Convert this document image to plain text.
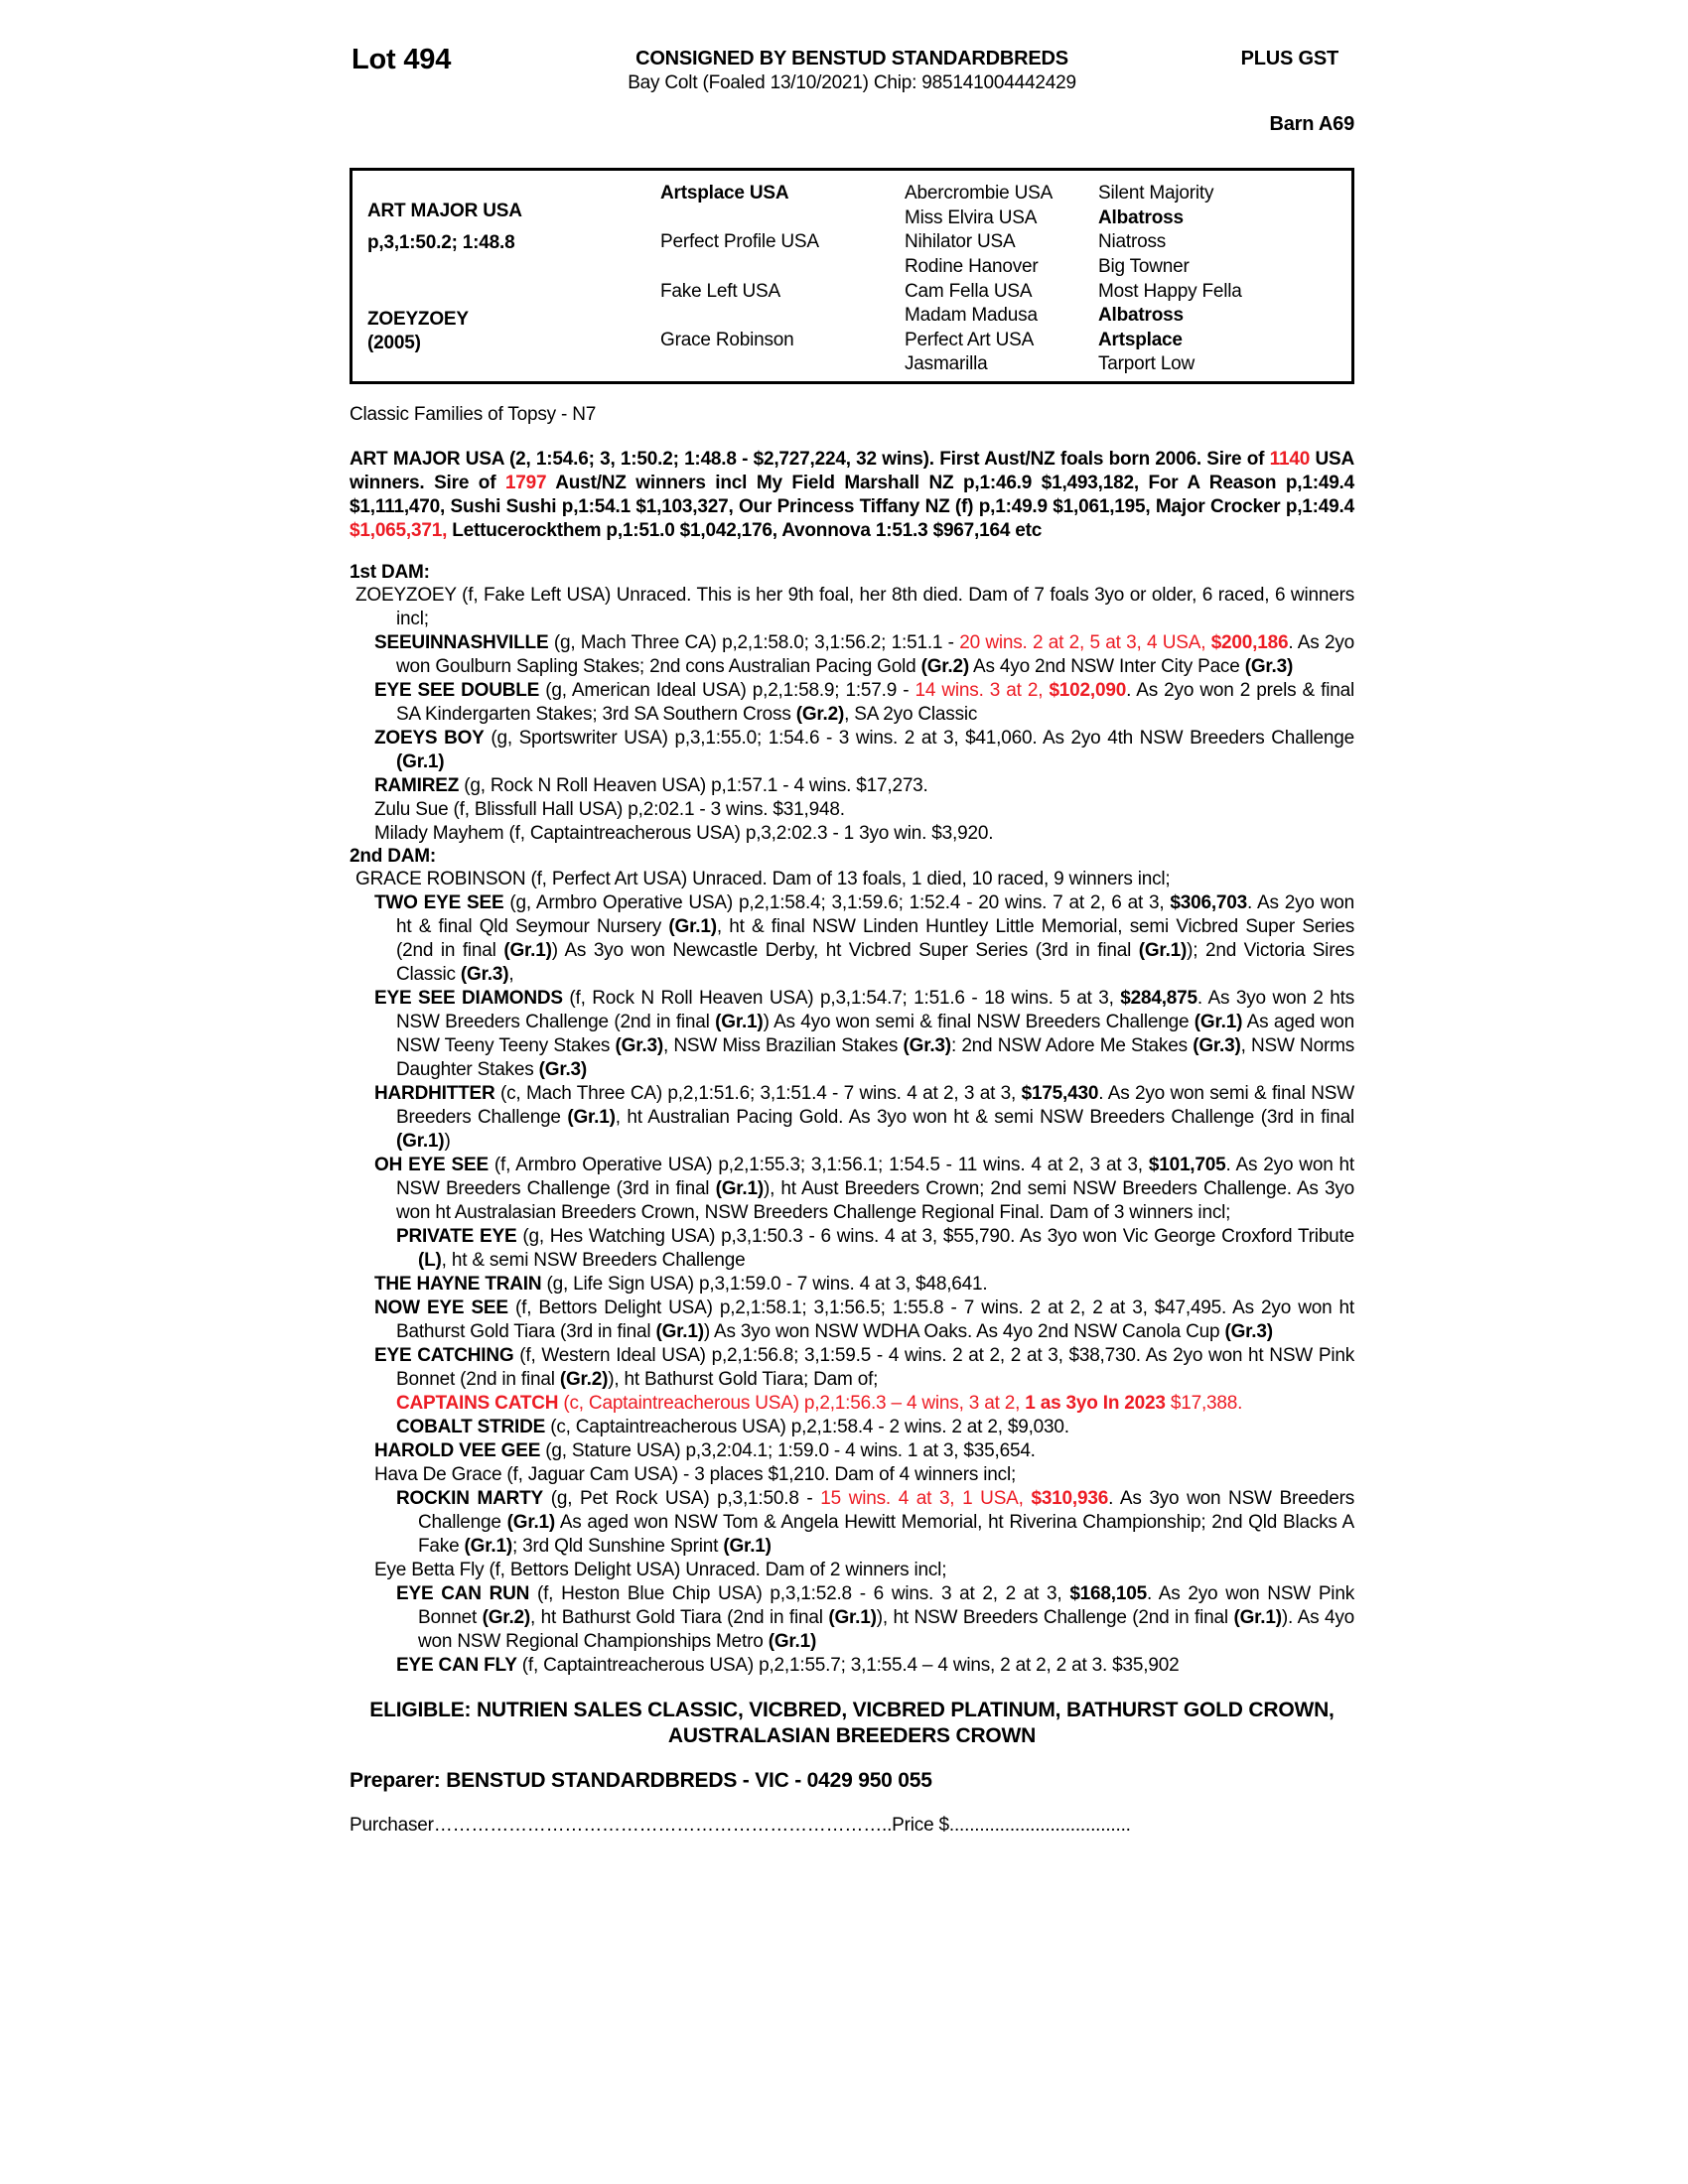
Lot 494	CONSIGNED BY BENSTUD STANDARDBREDS	PLUS GST
Bay Colt (Foaled 13/10/2021) Chip: 985141004442429
Barn A69
ART MAJOR USA
p,3,1:50.2; 1:48.8
ZOEYZOEY
(2005)
Artsplace USA
Perfect Profile USA
Fake Left USA
Grace Robinson
Abercrombie USA
Miss Elvira USA
Nihilator USA
Rodine Hanover
Cam Fella USA
Madam Madusa
Perfect Art USA
Jasmarilla
Silent Majority
Albatross
Niatross
Big Towner
Most Happy Fella
Albatross
Artsplace
Tarport Low
Classic Families of Topsy - N7

ART MAJOR USA (2, 1:54.6; 3, 1:50.2; 1:48.8 - $2,727,224, 32 wins). First Aust/NZ foals born 2006. Sire of 1140 USA winners. Sire of 1797 Aust/NZ winners incl My Field Marshall NZ p,1:46.9 $1,493,182, For A Reason p,1:49.4 $1,111,470, Sushi Sushi p,1:54.1 $1,103,327, Our Princess Tiffany NZ (f) p,1:49.9 $1,061,195, Major Crocker p,1:49.4 $1,065,371, Lettucerockthem p,1:51.0 $1,042,176, Avonnova 1:51.3 $967,164 etc

1st DAM:

ZOEYZOEY (f, Fake Left USA) Unraced. This is her 9th foal, her 8th died. Dam of 7 foals 3yo or older, 6 raced, 6 winners incl;

SEEUINNASHVILLE (g, Mach Three CA) p,2,1:58.0; 3,1:56.2; 1:51.1 - 20 wins. 2 at 2, 5 at 3, 4 USA, $200,186. As 2yo won Goulburn Sapling Stakes; 2nd cons Australian Pacing Gold (Gr.2) As 4yo 2nd NSW Inter City Pace (Gr.3)

EYE SEE DOUBLE (g, American Ideal USA) p,2,1:58.9; 1:57.9 - 14 wins. 3 at 2, $102,090. As 2yo won 2 prels & final SA Kindergarten Stakes; 3rd SA Southern Cross (Gr.2), SA 2yo Classic

ZOEYS BOY (g, Sportswriter USA) p,3,1:55.0; 1:54.6 - 3 wins. 2 at 3, $41,060. As 2yo 4th NSW Breeders Challenge (Gr.1)

RAMIREZ (g, Rock N Roll Heaven USA) p,1:57.1 - 4 wins. $17,273.

Zulu Sue (f, Blissfull Hall USA) p,2:02.1 - 3 wins. $31,948.

Milady Mayhem (f, Captaintreacherous USA) p,3,2:02.3 - 1 3yo win. $3,920.

2nd DAM:

GRACE ROBINSON (f, Perfect Art USA) Unraced. Dam of 13 foals, 1 died, 10 raced, 9 winners incl;

TWO EYE SEE (g, Armbro Operative USA) p,2,1:58.4; 3,1:59.6; 1:52.4 - 20 wins. 7 at 2, 6 at 3, $306,703. As 2yo won ht & final Qld Seymour Nursery (Gr.1), ht & final NSW Linden Huntley Little Memorial, semi Vicbred Super Series (2nd in final (Gr.1)) As 3yo won Newcastle Derby, ht Vicbred Super Series (3rd in final (Gr.1)); 2nd Victoria Sires Classic (Gr.3),

EYE SEE DIAMONDS (f, Rock N Roll Heaven USA) p,3,1:54.7; 1:51.6 - 18 wins. 5 at 3, $284,875. As 3yo won 2 hts NSW Breeders Challenge (2nd in final (Gr.1)) As 4yo won semi & final NSW Breeders Challenge (Gr.1) As aged won NSW Teeny Teeny Stakes (Gr.3), NSW Miss Brazilian Stakes (Gr.3): 2nd NSW Adore Me Stakes (Gr.3), NSW Norms Daughter Stakes (Gr.3)

HARDHITTER (c, Mach Three CA) p,2,1:51.6; 3,1:51.4 - 7 wins. 4 at 2, 3 at 3, $175,430. As 2yo won semi & final NSW Breeders Challenge (Gr.1), ht Australian Pacing Gold. As 3yo won ht & semi NSW Breeders Challenge (3rd in final (Gr.1))

OH EYE SEE (f, Armbro Operative USA) p,2,1:55.3; 3,1:56.1; 1:54.5 - 11 wins. 4 at 2, 3 at 3, $101,705. As 2yo won ht NSW Breeders Challenge (3rd in final (Gr.1)), ht Aust Breeders Crown; 2nd semi NSW Breeders Challenge. As 3yo won ht Australasian Breeders Crown, NSW Breeders Challenge Regional Final. Dam of 3 winners incl;

PRIVATE EYE (g, Hes Watching USA) p,3,1:50.3 - 6 wins. 4 at 3, $55,790. As 3yo won Vic George Croxford Tribute (L), ht & semi NSW Breeders Challenge

THE HAYNE TRAIN (g, Life Sign USA) p,3,1:59.0 - 7 wins. 4 at 3, $48,641.

NOW EYE SEE (f, Bettors Delight USA) p,2,1:58.1; 3,1:56.5; 1:55.8 - 7 wins. 2 at 2, 2 at 3, $47,495. As 2yo won ht Bathurst Gold Tiara (3rd in final (Gr.1)) As 3yo won NSW WDHA Oaks. As 4yo 2nd NSW Canola Cup (Gr.3)

EYE CATCHING (f, Western Ideal USA) p,2,1:56.8; 3,1:59.5 - 4 wins. 2 at 2, 2 at 3, $38,730. As 2yo won ht NSW Pink Bonnet (2nd in final (Gr.2)), ht Bathurst Gold Tiara; Dam of;

CAPTAINS CATCH (c, Captaintreacherous USA) p,2,1:56.3 – 4 wins, 3 at 2, 1 as 3yo In 2023 $17,388.

COBALT STRIDE (c, Captaintreacherous USA) p,2,1:58.4 - 2 wins. 2 at 2, $9,030.

HAROLD VEE GEE (g, Stature USA) p,3,2:04.1; 1:59.0 - 4 wins. 1 at 3, $35,654.

Hava De Grace (f, Jaguar Cam USA) - 3 places $1,210. Dam of 4 winners incl;

ROCKIN MARTY (g, Pet Rock USA) p,3,1:50.8 - 15 wins. 4 at 3, 1 USA, $310,936. As 3yo won NSW Breeders Challenge (Gr.1) As aged won NSW Tom & Angela Hewitt Memorial, ht Riverina Championship; 2nd Qld Blacks A Fake (Gr.1); 3rd Qld Sunshine Sprint (Gr.1)

Eye Betta Fly (f, Bettors Delight USA) Unraced. Dam of 2 winners incl;

EYE CAN RUN (f, Heston Blue Chip USA) p,3,1:52.8 - 6 wins. 3 at 2, 2 at 3, $168,105. As 2yo won NSW Pink Bonnet (Gr.2), ht Bathurst Gold Tiara (2nd in final (Gr.1)), ht NSW Breeders Challenge (2nd in final (Gr.1)). As 4yo won NSW Regional Championships Metro (Gr.1)

EYE CAN FLY (f, Captaintreacherous USA) p,2,1:55.7; 3,1:55.4 – 4 wins, 2 at 2, 2 at 3. $35,902

ELIGIBLE: NUTRIEN SALES CLASSIC, VICBRED, VICBRED PLATINUM, BATHURST GOLD CROWN, AUSTRALASIAN BREEDERS CROWN
Preparer: BENSTUD STANDARDBREDS - VIC - 0429 950 055
Purchaser………………………………………………………………..Price $....................................
